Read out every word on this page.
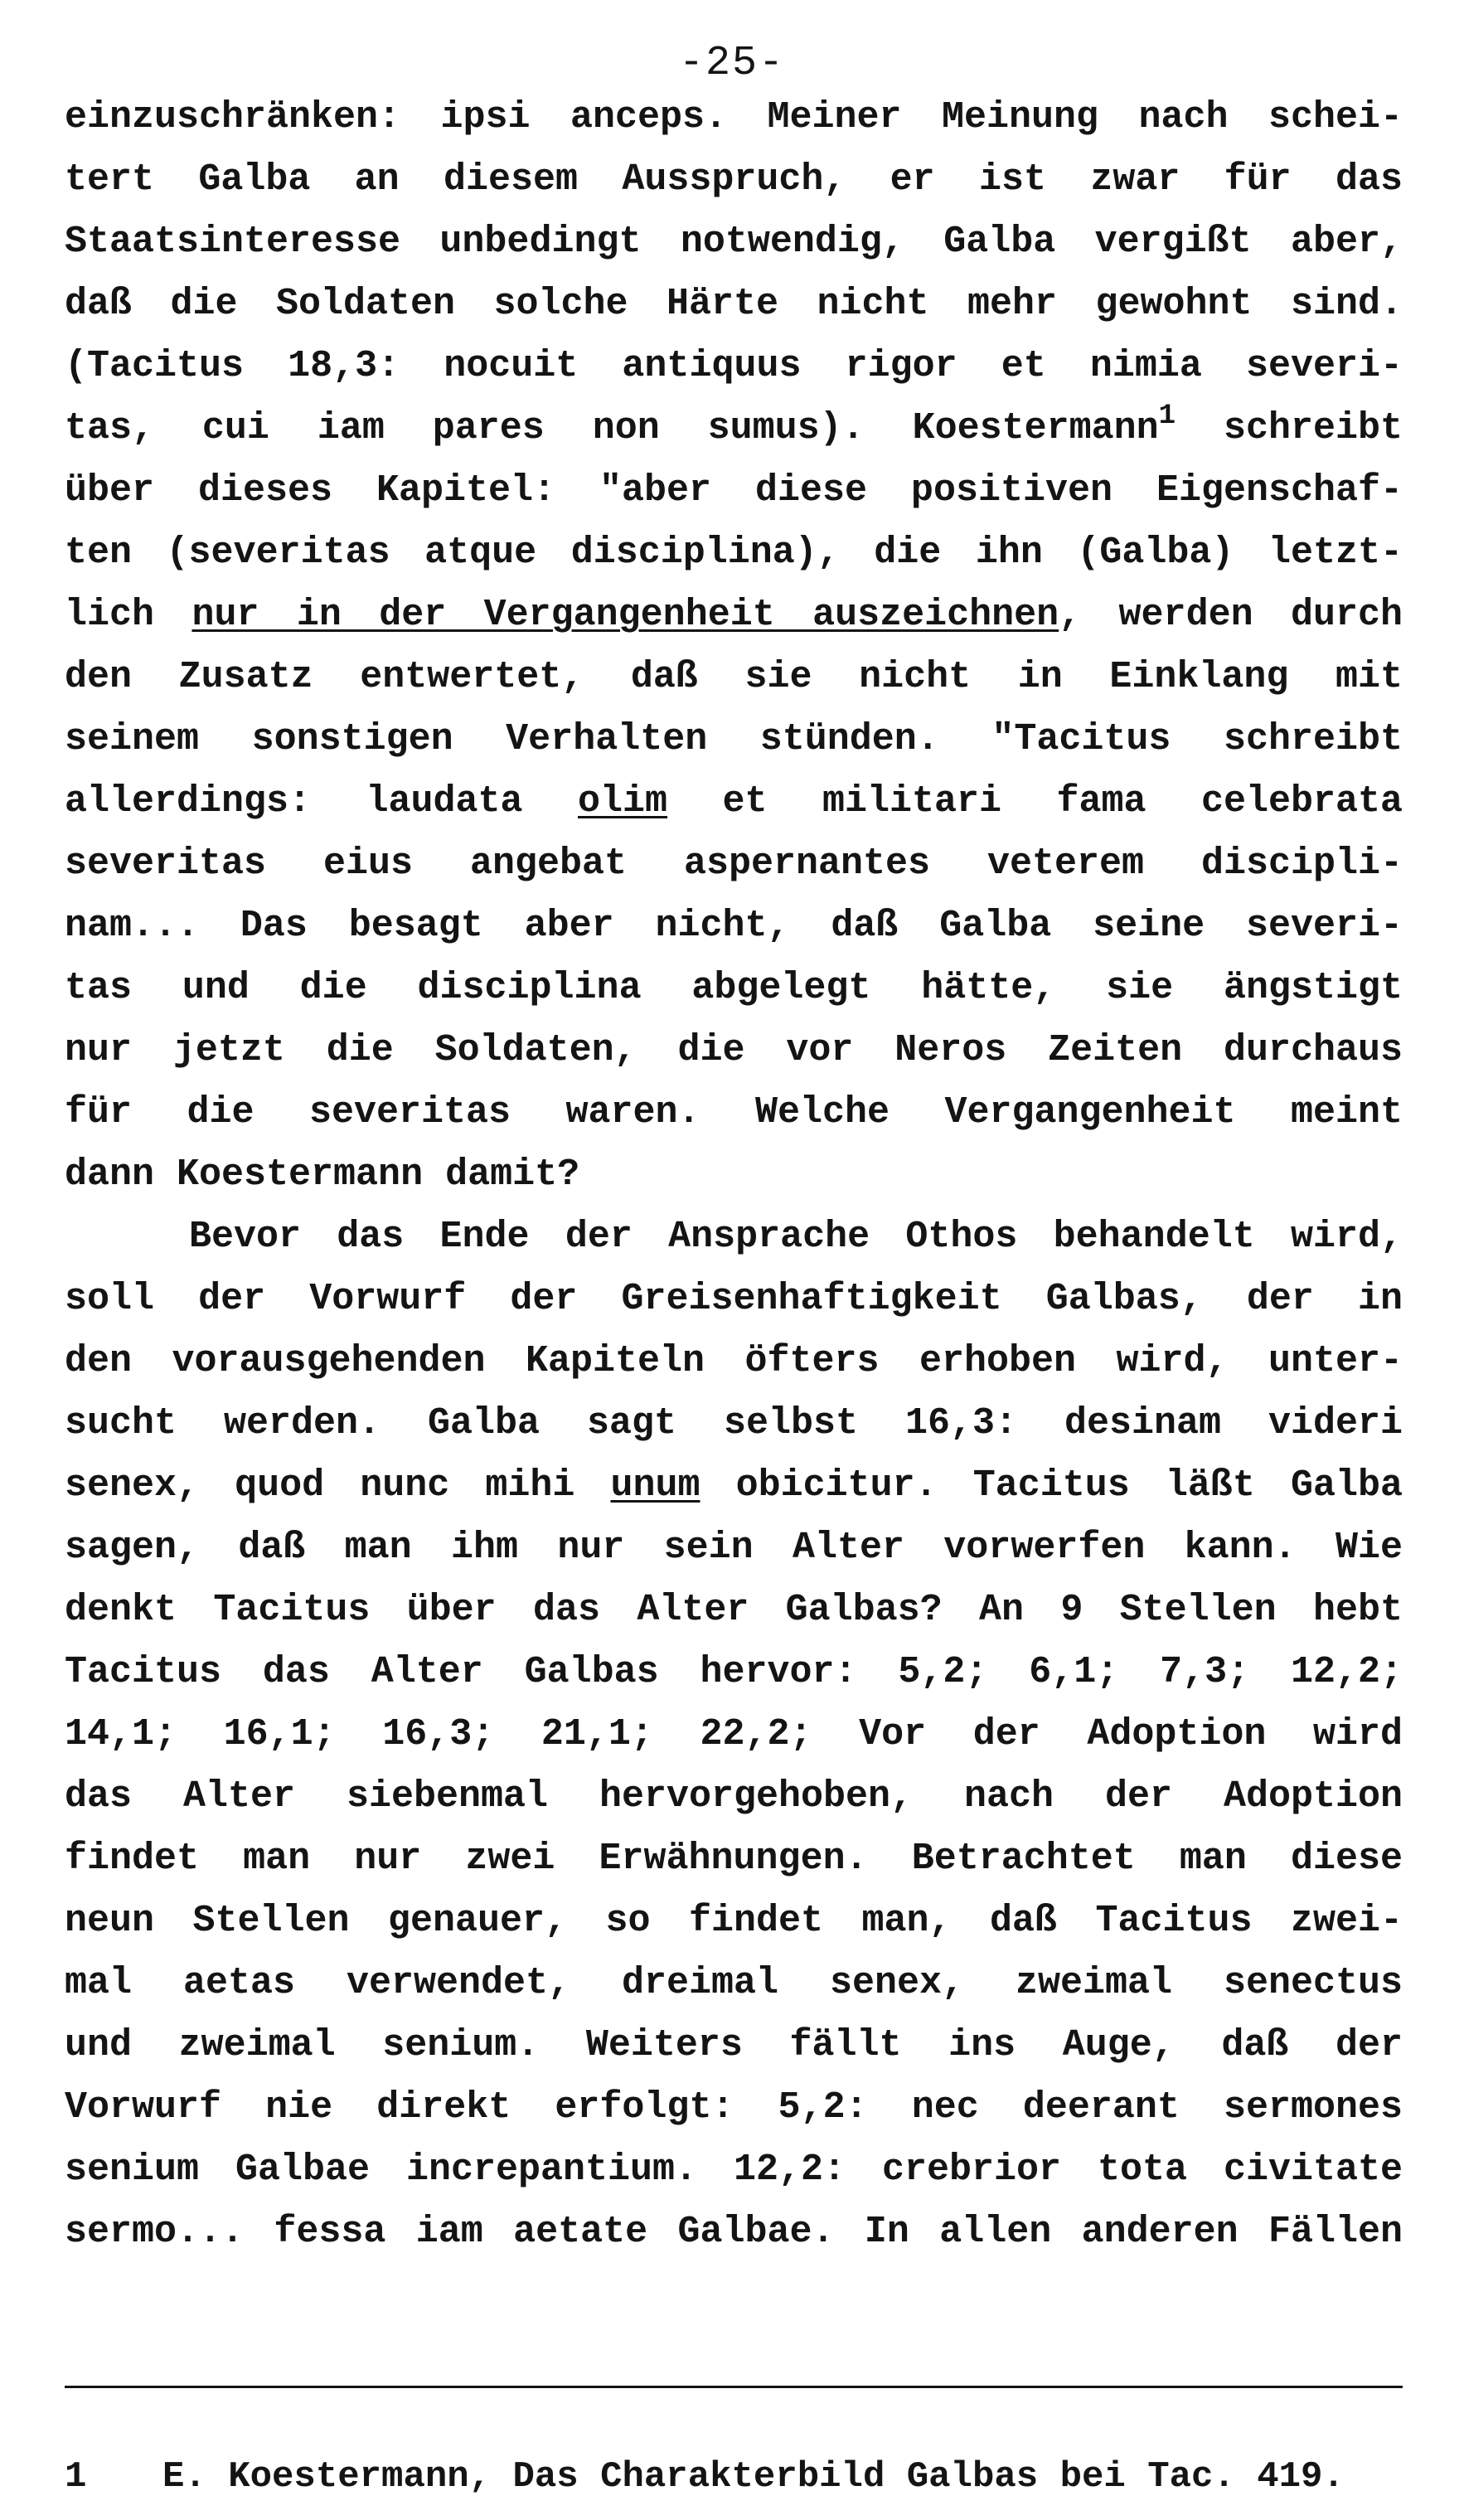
-25-
einzuschränken: ipsi anceps. Meiner Meinung nach schei-
tert Galba an diesem Ausspruch, er ist zwar für das
Staatsinteresse unbedingt notwendig, Galba vergißt aber,
daß die Soldaten solche Härte nicht mehr gewohnt sind.
(Tacitus 18,3: nocuit antiquus rigor et nimia severi-
tas, cui iam pares non sumus). Koestermann$^1$ schreibt
über dieses Kapitel: "aber diese positiven Eigenschaf-
ten (severitas atque disciplina), die ihn (Galba) letzt-
lich nur in der Vergangenheit auszeichnen, werden durch
den Zusatz entwertet, daß sie nicht in Einklang mit
seinem sonstigen Verhalten stünden. "Tacitus schreibt
allerdings: laudata olim et militari fama celebrata
severitas eius angebat aspernantes veterem discipli-
nam... Das besagt aber nicht, daß Galba seine severi-
tas und die disciplina abgelegt hätte, sie ängstigt
nur jetzt die Soldaten, die vor Neros Zeiten durchaus
für die severitas waren. Welche Vergangenheit meint
dann Koestermann damit?
Bevor das Ende der Ansprache Othos behandelt wird,
soll der Vorwurf der Greisenhaftigkeit Galbas, der in
den vorausgehenden Kapiteln öfters erhoben wird, unter-
sucht werden. Galba sagt selbst 16,3: desinam videri
senex, quod nunc mihi unum obicitur. Tacitus läßt Galba
sagen, daß man ihm nur sein Alter vorwerfen kann. Wie
denkt Tacitus über das Alter Galbas? An 9 Stellen hebt
Tacitus das Alter Galbas hervor: 5,2; 6,1; 7,3; 12,2;
14,1; 16,1; 16,3; 21,1; 22,2; Vor der Adoption wird
das Alter siebenmal hervorgehoben, nach der Adoption
findet man nur zwei Erwähnungen. Betrachtet man diese
neun Stellen genauer, so findet man, daß Tacitus zwei-
mal aetas verwendet, dreimal senex, zweimal senectus
und zweimal senium. Weiters fällt ins Auge, daß der
Vorwurf nie direkt erfolgt: 5,2: nec deerant sermones
senium Galbae increpantium. 12,2: crebrior tota civitate
sermo... fessa iam aetate Galbae. In allen anderen Fällen
1 E. Koestermann, Das Charakterbild Galbas bei Tac. 419.
